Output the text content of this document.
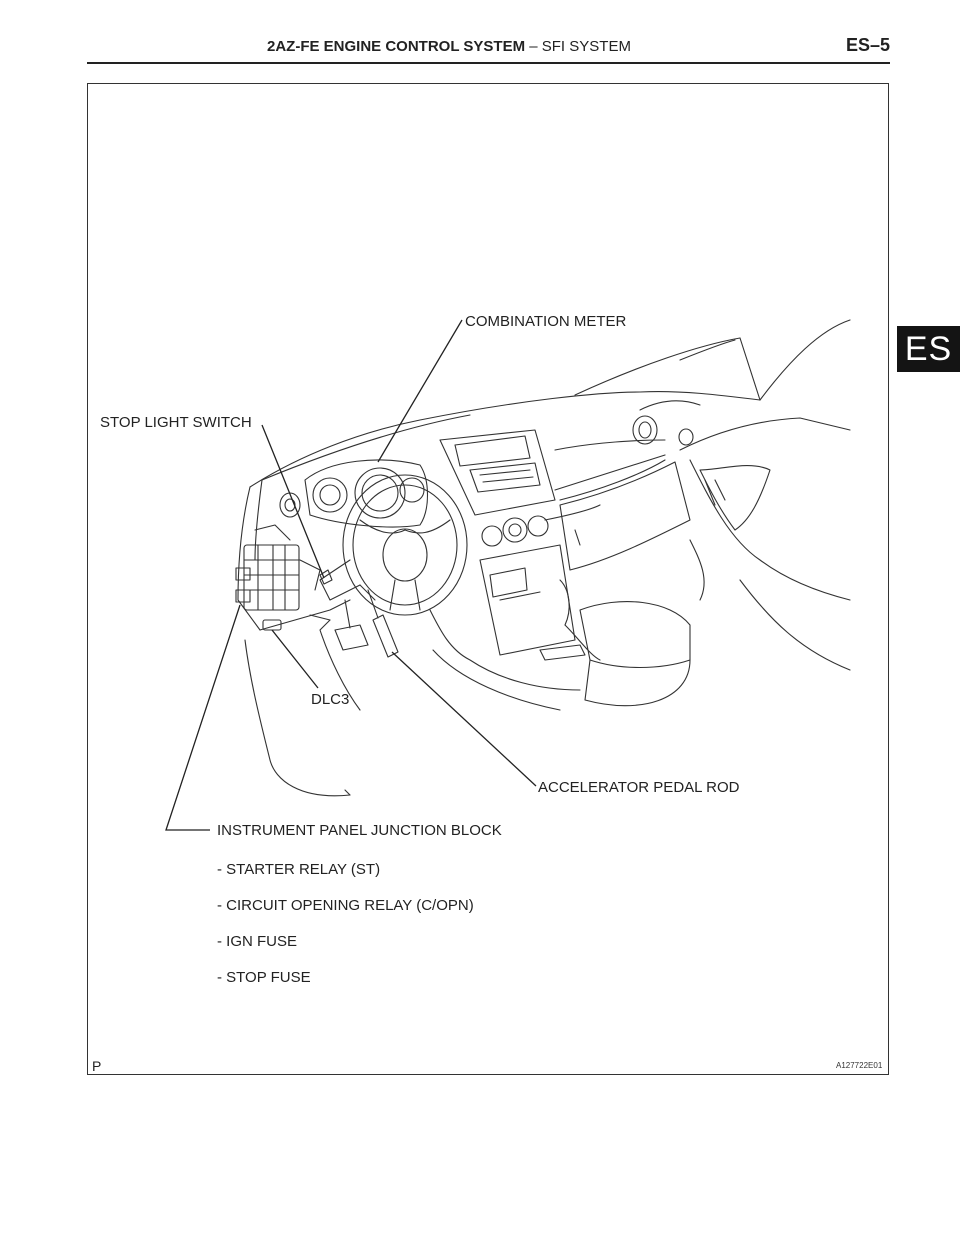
2AZ-FE ENGINE CONTROL SYSTEM – SFI SYSTEM	ES–5
ES
COMBINATION METER
STOP LIGHT SWITCH
DLC3
ACCELERATOR PEDAL ROD
INSTRUMENT PANEL JUNCTION BLOCK
- STARTER RELAY (ST)
- CIRCUIT OPENING RELAY (C/OPN)
- IGN FUSE
- STOP FUSE
A127722E01
P
